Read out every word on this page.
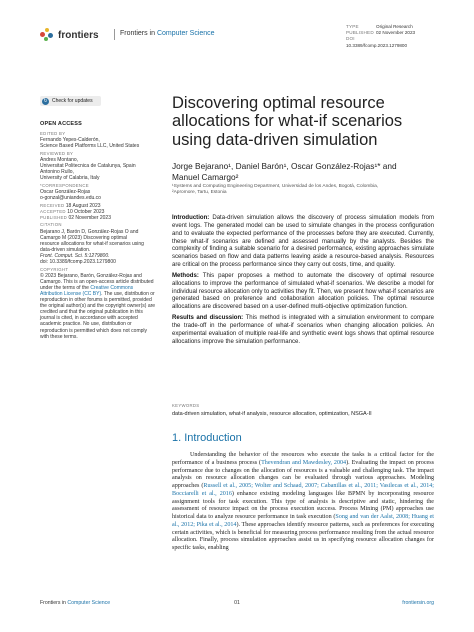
frontiers	Frontiers in Computer Science
TYPE	Original Research
PUBLISHED 02 November 2023
DOI10.3389/fcomp.2023.1279800
↻ Check for updates
OPEN ACCESS
EDITED BY
Fernando Yepes-Calderón,
Science Based Platforms LLC, United States
REVIEWED BY
Andres Montano,
Universitat Politecnica de Catalunya, Spain
Antonino Rullo,
University of Calabria, Italy
*CORRESPONDENCE
Oscar González-Rojas
o-gonzal@uniandes.edu.co
RECEIVED 18 August 2023
ACCEPTED 10 October 2023
PUBLISHED 02 November 2023
CITATION
Bejarano J, Barón D, González-Rojas O and
Camargo M (2023) Discovering optimal
resource allocations for what-if scenarios using
data-driven simulation.
Front. Comput. Sci. 5:1279800.
doi: 10.3389/fcomp.2023.1279800
COPYRIGHT
© 2023 Bejarano, Barón, González-Rojas and Camargo. This is an open-access article distributed under the terms of the Creative Commons Attribution License (CC BY). The use, distribution or reproduction in other forums is permitted, provided the original author(s) and the copyright owner(s) are credited and that the original publication in this journal is cited, in accordance with accepted academic practice. No use, distribution or reproduction is permitted which does not comply with these terms.
Discovering optimal resource allocations for what-if scenarios using data-driven simulation
Jorge Bejarano¹, Daniel Barón¹, Oscar González-Rojas¹* and
Manuel Camargo²
¹Systems and Computing Engineering Department, Universidad de los Andes, Bogotá, Colombia,
²Apromore, Tartu, Estonia

Introduction: Data-driven simulation allows the discovery of process simulation models from event logs. The generated model can be used to simulate changes in the process configuration and to evaluate the expected performance of the processes before they are executed. Currently, these what-if scenarios are defined and assessed manually by the analysts. Besides the complexity of finding a suitable scenario for a desired performance, existing approaches simulate scenarios based on flow and data patterns leaving aside a resource-based analysis. Resources are critical on the process performance since they carry out costs, time, and quality.

Methods: This paper proposes a method to automate the discovery of optimal resource allocations to improve the performance of simulated what-if scenarios. We describe a model for individual resource allocation only to activities they fit. Then, we present how what-if scenarios are generated based on preference and collaboration allocation policies. The optimal resource allocations are discovered based on a user-defined multi-objective optimization function.

Results and discussion: This method is integrated with a simulation environment to compare the trade-off in the performance of what-if scenarios when changing allocation policies. An experimental evaluation of multiple real-life and synthetic event logs shows that optimal resource allocations improve the simulation performance.

KEYWORDS
data-driven simulation, what-if analysis, resource allocation, optimization, NSGA-II
1. Introduction

Understanding the behavior of the resources who execute the tasks is a critical factor for the performance of a business process (Thevendran and Mawdesley, 2004). Evaluating the impact on process performance due to changes on the allocation of resources is a valuable and challenging task. The impact analysis on resource allocation changes can be evaluated through various approaches. Modeling approaches (Russell et al., 2005; Wolter and Schaad, 2007; Cabanillas et al., 2011; Vasilecas et al., 2014; Bocciarelli et al., 2016) enhance existing modeling languages like BPMN by incorporating resource assignment tools for task execution. This type of analysis is descriptive and static, hindering the assessment of resource impact on the process execution success. Process Mining (PM) approaches use historical data to analyze resource performance in task execution (Song and van der Aalst, 2008; Huang et al., 2012; Pika et al., 2014). These approaches identify resource patterns, such as preferences for executing certain activities, which is beneficial for measuring process performance resulting from the actual resource allocation. Finally, process simulation approaches assist us in specifying resource allocation changes for specific tasks, enabling

Frontiers in Computer Science	01	frontiersin.org
